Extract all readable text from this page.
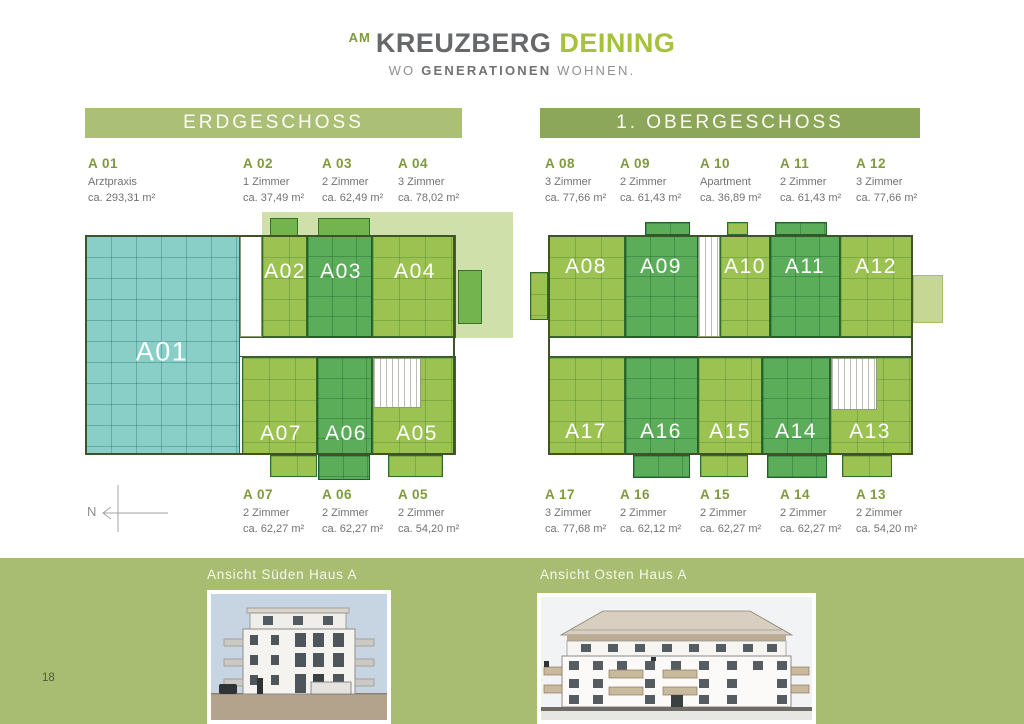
$^{AM}$ KREUZBERG DEINING
WO GENERATIONEN WOHNEN.
ERDGESCHOSS	1. OBERGESCHOSS
A 01
Arztpraxis
ca. 293,31 m²
A 02
1 Zimmer
ca. 37,49 m²
A 03
2 Zimmer
ca. 62,49 m²
A 04
3 Zimmer
ca. 78,02 m²
A 08
3 Zimmer
ca. 77,66 m²
A 09
2 Zimmer
ca. 61,43 m²
A 10
Apartment
ca. 36,89 m²
A 11
2 Zimmer
ca. 61,43 m²
A 12
3 Zimmer
ca. 77,66 m²
A01
A02 A03 A04
A07 A06 A05
A08 A09 A10 A11 A12
A17 A16 A15 A14 A13
A 07
2 Zimmer
ca. 62,27 m²
A 06
2 Zimmer
ca. 62,27 m²
A 05
2 Zimmer
ca. 54,20 m²
A 17
3 Zimmer
ca. 77,68 m²
A 16
2 Zimmer
ca. 62,12 m²
A 15
2 Zimmer
ca. 62,27 m²
A 14
2 Zimmer
ca. 62,27 m²
A 13
2 Zimmer
ca. 54,20 m²
N
Ansicht Süden Haus A	Ansicht Osten Haus A
18
